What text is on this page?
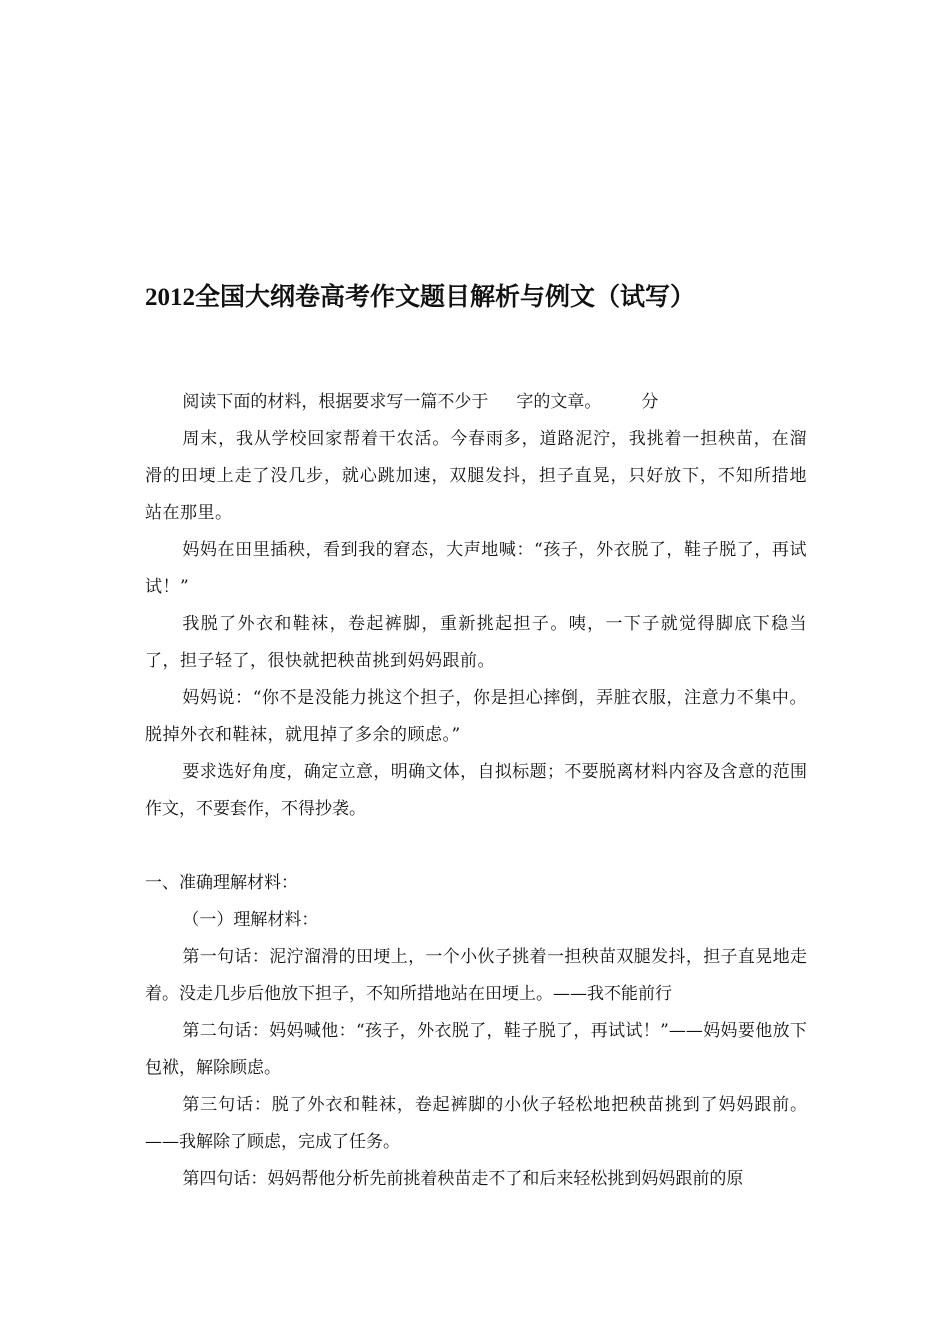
2012全国大纲卷高考作文题目解析与例文（试写）

阅读下面的材料，根据要求写一篇不少于 字的文章。 分

周末，我从学校回家帮着干农活。今春雨多，道路泥泞，我挑着一担秧苗，在溜滑的田埂上走了没几步，就心跳加速，双腿发抖，担子直晃，只好放下，不知所措地站在那里。

妈妈在田里插秧，看到我的窘态，大声地喊：“孩子，外衣脱了，鞋子脱了，再试试！”

我脱了外衣和鞋袜，卷起裤脚，重新挑起担子。咦，一下子就觉得脚底下稳当了，担子轻了，很快就把秧苗挑到妈妈跟前。

妈妈说：“你不是没能力挑这个担子，你是担心摔倒，弄脏衣服，注意力不集中。脱掉外衣和鞋袜，就甩掉了多余的顾虑。”

要求选好角度，确定立意，明确文体，自拟标题；不要脱离材料内容及含意的范围作文，不要套作，不得抄袭。

一、准确理解材料：

（一）理解材料：

第一句话：泥泞溜滑的田埂上，一个小伙子挑着一担秧苗双腿发抖，担子直晃地走着。没走几步后他放下担子，不知所措地站在田埂上。——我不能前行

第二句话：妈妈喊他：“孩子，外衣脱了，鞋子脱了，再试试！”——妈妈要他放下包袱，解除顾虑。

第三句话：脱了外衣和鞋袜，卷起裤脚的小伙子轻松地把秧苗挑到了妈妈跟前。——我解除了顾虑，完成了任务。

第四句话：妈妈帮他分析先前挑着秧苗走不了和后来轻松挑到妈妈跟前的原
